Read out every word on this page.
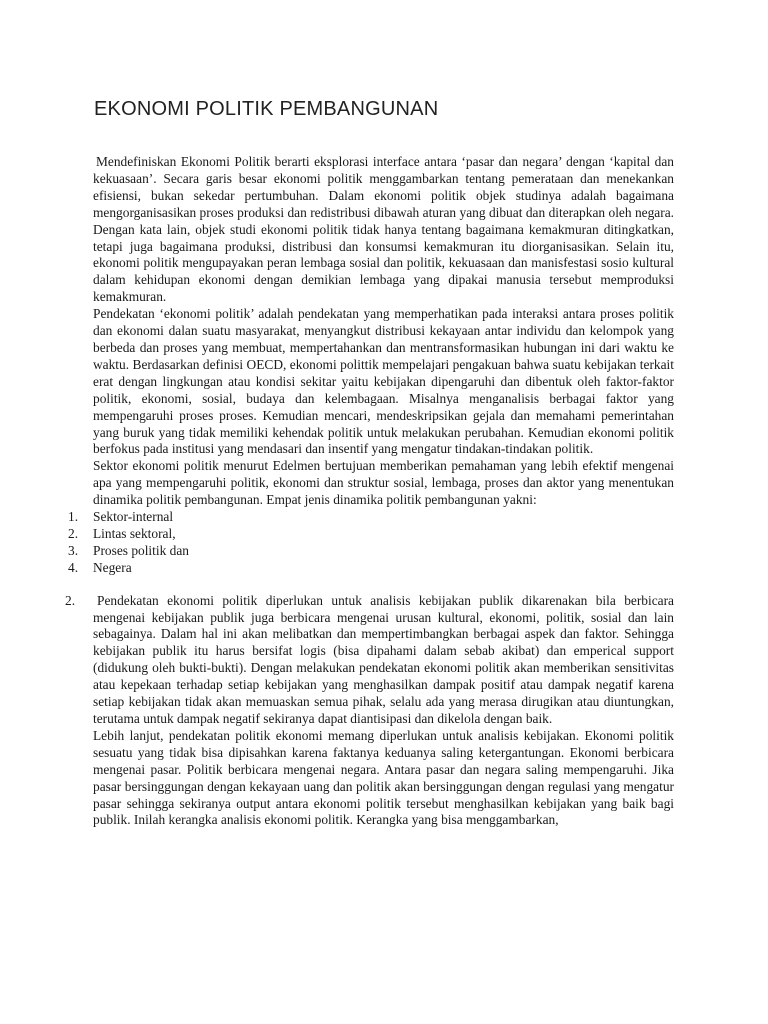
EKONOMI POLITIK PEMBANGUNAN

Mendefiniskan Ekonomi Politik berarti eksplorasi interface antara ‘pasar dan negara’ dengan ‘kapital dan kekuasaan’. Secara garis besar ekonomi politik menggambarkan tentang pemerataan dan menekankan efisiensi, bukan sekedar pertumbuhan. Dalam ekonomi politik objek studinya adalah bagaimana mengorganisasikan proses produksi dan redistribusi dibawah aturan yang dibuat dan diterapkan oleh negara. Dengan kata lain, objek studi ekonomi politik tidak hanya tentang bagaimana kemakmuran ditingkatkan, tetapi juga bagaimana produksi, distribusi dan konsumsi kemakmuran itu diorganisasikan. Selain itu, ekonomi politik mengupayakan peran lembaga sosial dan politik, kekuasaan dan manisfestasi sosio kultural dalam kehidupan ekonomi dengan demikian lembaga yang dipakai manusia tersebut memproduksi kemakmuran.

Pendekatan ‘ekonomi politik’ adalah pendekatan yang memperhatikan pada interaksi antara proses politik dan ekonomi dalan suatu masyarakat, menyangkut distribusi kekayaan antar individu dan kelompok yang berbeda dan proses yang membuat, mempertahankan dan mentransformasikan hubungan ini dari waktu ke waktu. Berdasarkan definisi OECD, ekonomi polittik mempelajari pengakuan bahwa suatu kebijakan terkait erat dengan lingkungan atau kondisi sekitar yaitu kebijakan dipengaruhi dan dibentuk oleh faktor-faktor politik, ekonomi, sosial, budaya dan kelembagaan. Misalnya menganalisis berbagai faktor yang mempengaruhi proses proses. Kemudian mencari, mendeskripsikan gejala dan memahami pemerintahan yang buruk yang tidak memiliki kehendak politik untuk melakukan perubahan. Kemudian ekonomi politik berfokus pada institusi yang mendasari dan insentif yang mengatur tindakan-tindakan politik.

Sektor ekonomi politik menurut Edelmen bertujuan memberikan pemahaman yang lebih efektif mengenai apa yang mempengaruhi politik, ekonomi dan struktur sosial, lembaga, proses dan aktor yang menentukan dinamika politik pembangunan. Empat jenis dinamika politik pembangunan yakni:

1. Sektor-internal
2. Lintas sektoral,
3. Proses politik dan
4. Negera

2. Pendekatan ekonomi politik diperlukan untuk analisis kebijakan publik dikarenakan bila berbicara mengenai kebijakan publik juga berbicara mengenai urusan kultural, ekonomi, politik, sosial dan lain sebagainya. Dalam hal ini akan melibatkan dan mempertimbangkan berbagai aspek dan faktor. Sehingga kebijakan publik itu harus bersifat logis (bisa dipahami dalam sebab akibat) dan emperical support (didukung oleh bukti-bukti). Dengan melakukan pendekatan ekonomi politik akan memberikan sensitivitas atau kepekaan terhadap setiap kebijakan yang menghasilkan dampak positif atau dampak negatif karena setiap kebijakan tidak akan memuaskan semua pihak, selalu ada yang merasa dirugikan atau diuntungkan, terutama untuk dampak negatif sekiranya dapat diantisipasi dan dikelola dengan baik.

Lebih lanjut, pendekatan politik ekonomi memang diperlukan untuk analisis kebijakan. Ekonomi politik sesuatu yang tidak bisa dipisahkan karena faktanya keduanya saling ketergantungan. Ekonomi berbicara mengenai pasar. Politik berbicara mengenai negara. Antara pasar dan negara saling mempengaruhi. Jika pasar bersinggungan dengan kekayaan uang dan politik akan bersinggungan dengan regulasi yang mengatur pasar sehingga sekiranya output antara ekonomi politik tersebut menghasilkan kebijakan yang baik bagi publik. Inilah kerangka analisis ekonomi politik. Kerangka yang bisa menggambarkan,
